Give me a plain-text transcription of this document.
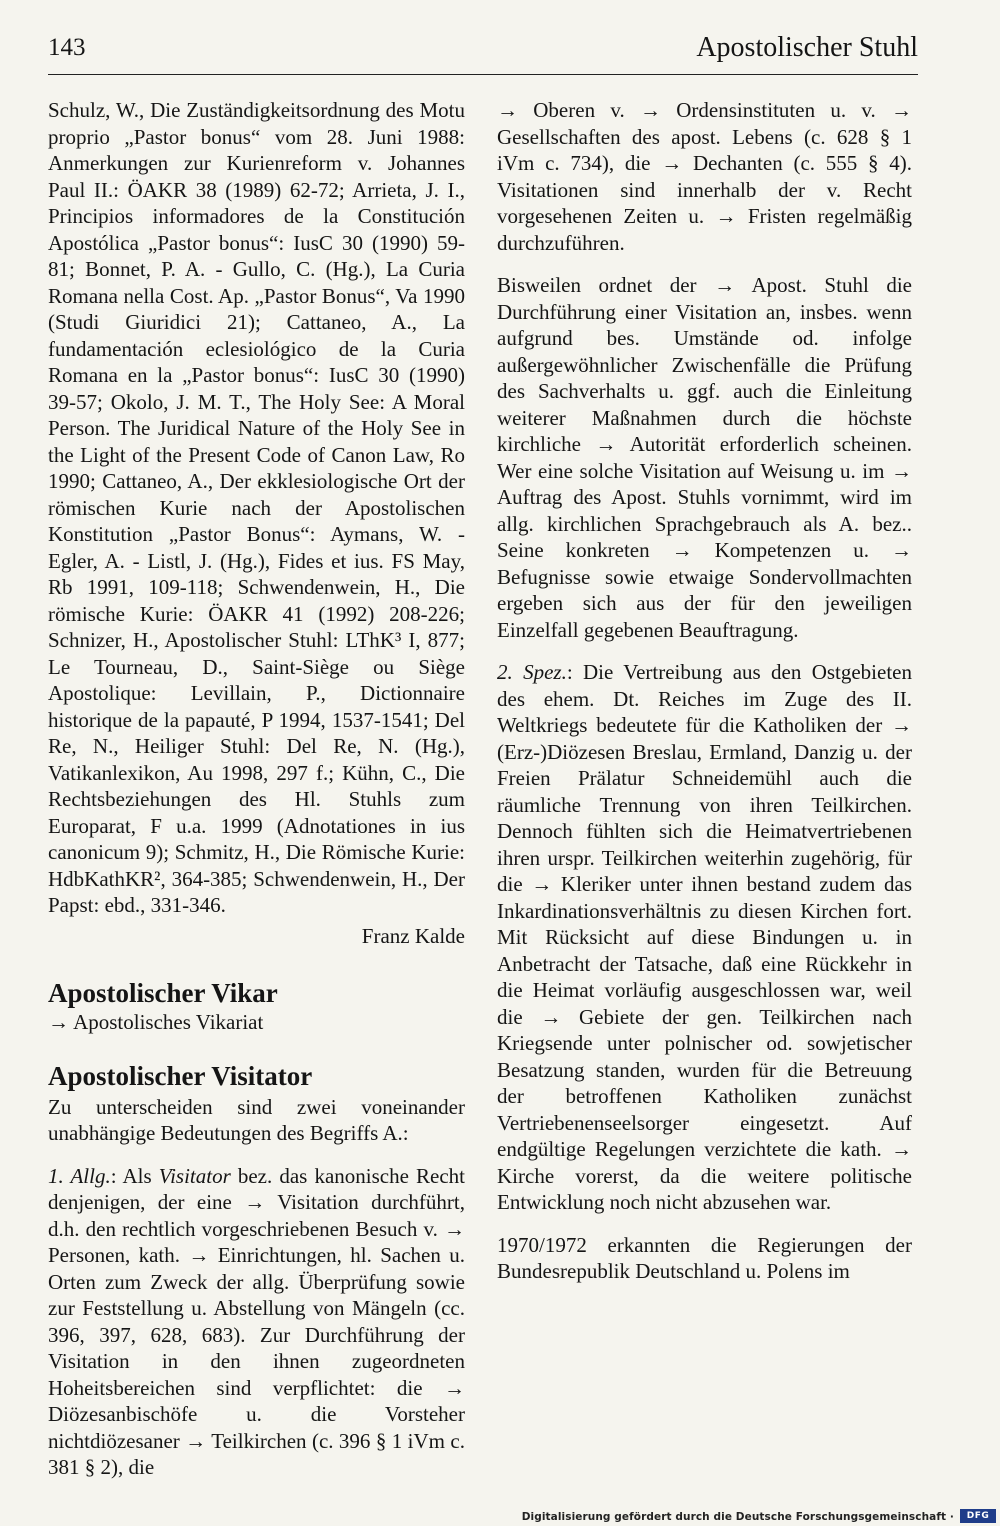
143	Apostolischer Stuhl

Schulz, W., Die Zuständigkeitsordnung des Motu proprio „Pastor bonus“ vom 28. Juni 1988: Anmerkungen zur Kurienreform v. Johannes Paul II.: ÖAKR 38 (1989) 62-72; Arrieta, J. I., Principios informadores de la Constitución Apostólica „Pastor bonus“: IusC 30 (1990) 59-81; Bonnet, P. A. - Gullo, C. (Hg.), La Curia Romana nella Cost. Ap. „Pastor Bonus“, Va 1990 (Studi Giuridici 21); Cattaneo, A., La fundamentación eclesiológico de la Curia Romana en la „Pastor bonus“: IusC 30 (1990) 39-57; Okolo, J. M. T., The Holy See: A Moral Person. The Juridical Nature of the Holy See in the Light of the Present Code of Canon Law, Ro 1990; Cattaneo, A., Der ekklesiologische Ort der römischen Kurie nach der Apostolischen Konstitution „Pastor Bonus“: Aymans, W. - Egler, A. - Listl, J. (Hg.), Fides et ius. FS May, Rb 1991, 109-118; Schwendenwein, H., Die römische Kurie: ÖAKR 41 (1992) 208-226; Schnizer, H., Apostolischer Stuhl: LThK³ I, 877; Le Tourneau, D., Saint-Siège ou Siège Apostolique: Levillain, P., Dictionnaire historique de la papauté, P 1994, 1537-1541; Del Re, N., Heiliger Stuhl: Del Re, N. (Hg.), Vatikanlexikon, Au 1998, 297 f.; Kühn, C., Die Rechtsbeziehungen des Hl. Stuhls zum Europarat, F u.a. 1999 (Adnotationes in ius canonicum 9); Schmitz, H., Die Römische Kurie: HdbKathKR², 364-385; Schwendenwein, H., Der Papst: ebd., 331-346.

Franz Kalde

Apostolischer Vikar

→ Apostolisches Vikariat

Apostolischer Visitator

Zu unterscheiden sind zwei voneinander unabhängige Bedeutungen des Begriffs A.:

1. Allg.: Als Visitator bez. das kanonische Recht denjenigen, der eine → Visitation durchführt, d.h. den rechtlich vorgeschriebenen Besuch v. → Personen, kath. → Einrichtungen, hl. Sachen u. Orten zum Zweck der allg. Überprüfung sowie zur Feststellung u. Abstellung von Mängeln (cc. 396, 397, 628, 683). Zur Durchführung der Visitation in den ihnen zugeordneten Hoheitsbereichen sind verpflichtet: die → Diözesanbischöfe u. die Vorsteher nichtdiözesaner → Teilkirchen (c. 396 § 1 iVm c. 381 § 2), die

→ Oberen v. → Ordensinstituten u. v. → Gesellschaften des apost. Lebens (c. 628 § 1 iVm c. 734), die → Dechanten (c. 555 § 4). Visitationen sind innerhalb der v. Recht vorgesehenen Zeiten u. → Fristen regelmäßig durchzuführen.

Bisweilen ordnet der → Apost. Stuhl die Durchführung einer Visitation an, insbes. wenn aufgrund bes. Umstände od. infolge außergewöhnlicher Zwischenfälle die Prüfung des Sachverhalts u. ggf. auch die Einleitung weiterer Maßnahmen durch die höchste kirchliche → Autorität erforderlich scheinen. Wer eine solche Visitation auf Weisung u. im → Auftrag des Apost. Stuhls vornimmt, wird im allg. kirchlichen Sprachgebrauch als A. bez.. Seine konkreten → Kompetenzen u. → Befugnisse sowie etwaige Sondervollmachten ergeben sich aus der für den jeweiligen Einzelfall gegebenen Beauftragung.

2. Spez.: Die Vertreibung aus den Ostgebieten des ehem. Dt. Reiches im Zuge des II. Weltkriegs bedeutete für die Katholiken der → (Erz-)Diözesen Breslau, Ermland, Danzig u. der Freien Prälatur Schneidemühl auch die räumliche Trennung von ihren Teilkirchen. Dennoch fühlten sich die Heimatvertriebenen ihren urspr. Teilkirchen weiterhin zugehörig, für die → Kleriker unter ihnen bestand zudem das Inkardinationsverhältnis zu diesen Kirchen fort. Mit Rücksicht auf diese Bindungen u. in Anbetracht der Tatsache, daß eine Rückkehr in die Heimat vorläufig ausgeschlossen war, weil die → Gebiete der gen. Teilkirchen nach Kriegsende unter polnischer od. sowjetischer Besatzung standen, wurden für die Betreuung der betroffenen Katholiken zunächst Vertriebenenseelsorger eingesetzt. Auf endgültige Regelungen verzichtete die kath. → Kirche vorerst, da die weitere politische Entwicklung noch nicht abzusehen war.

1970/1972 erkannten die Regierungen der Bundesrepublik Deutschland u. Polens im

Digitalisierung gefördert durch die Deutsche Forschungsgemeinschaft ·	DFG
